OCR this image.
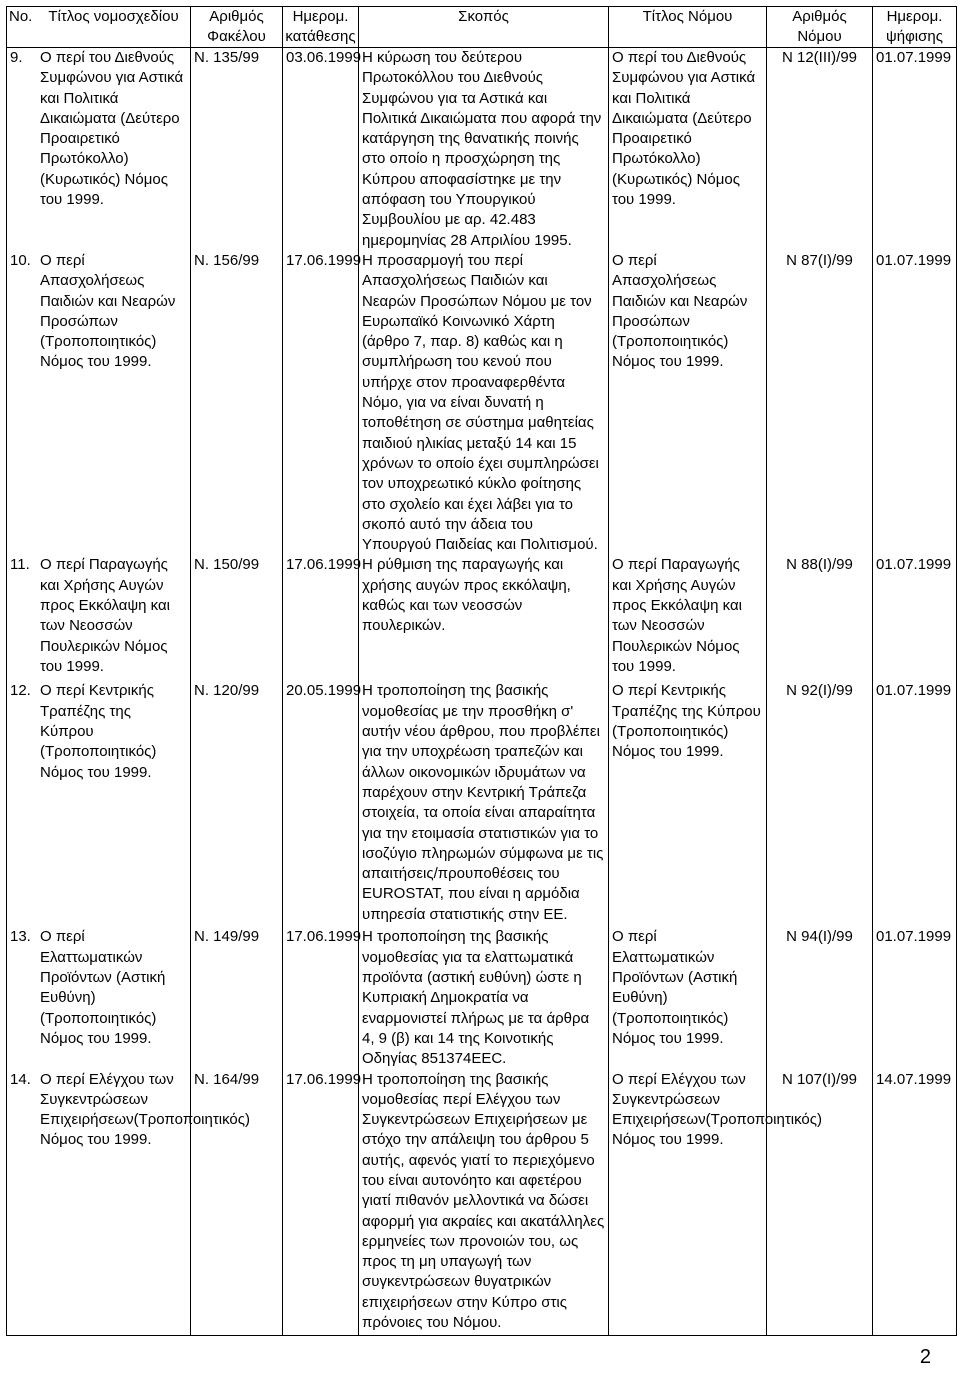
No. Τίτλος νομοσχεδίου	Αριθμός Φακέλου	Ημερομ. κατάθεσης	Σκοπός	Τίτλος Νόμου	Αριθμός Νόμου	Ημερομ. ψήφισης

9. Ο περί του Διεθνούς Συμφώνου για Αστικά και Πολιτικά Δικαιώματα (Δεύτερο Προαιρετικό Πρωτόκολλο) (Κυρωτικός) Νόμος του 1999.	Ν. 135/99	03.06.1999	Η κύρωση του δεύτερου Πρωτοκόλλου του Διεθνούς Συμφώνου για τα Αστικά και Πολιτικά Δικαιώματα που αφορά την κατάργηση της θανατικής ποινής στο οποίο η προσχώρηση της Κύπρου αποφασίστηκε με την απόφαση του Υπουργικού Συμβουλίου με αρ. 42.483 ημερομηνίας 28 Απριλίου 1995.	Ο περί του Διεθνούς Συμφώνου για Αστικά και Πολιτικά Δικαιώματα (Δεύτερο Προαιρετικό Πρωτόκολλο) (Κυρωτικός) Νόμος του 1999.	Ν 12(ΙΙΙ)/99	01.07.1999

10. Ο περί Απασχολήσεως Παιδιών και Νεαρών Προσώπων (Τροποποιητικός) Νόμος του 1999.	Ν. 156/99	17.06.1999	Η προσαρμογή του περί Απασχολήσεως Παιδιών και Νεαρών Προσώπων Νόμου με τον Ευρωπαϊκό Κοινωνικό Χάρτη (άρθρο 7, παρ. 8) καθώς και η συμπλήρωση του κενού που υπήρχε στον προαναφερθέντα Νόμο, για να είναι δυνατή η τοποθέτηση σε σύστημα μαθητείας παιδιού ηλικίας μεταξύ 14 και 15 χρόνων το οποίο έχει συμπληρώσει τον υποχρεωτικό κύκλο φοίτησης στο σχολείο και έχει λάβει για το σκοπό αυτό την άδεια του Υπουργού Παιδείας και Πολιτισμού.	Ο περί Απασχολήσεως Παιδιών και Νεαρών Προσώπων (Τροποποιητικός) Νόμος του 1999.	Ν 87(Ι)/99	01.07.1999

11. Ο περί Παραγωγής και Χρήσης Αυγών προς Εκκόλαψη και των Νεοσσών Πουλερικών Νόμος του 1999.	Ν. 150/99	17.06.1999	Η ρύθμιση της παραγωγής και χρήσης αυγών προς εκκόλαψη, καθώς και των νεοσσών πουλερικών.	Ο περί Παραγωγής και Χρήσης Αυγών προς Εκκόλαψη και των Νεοσσών Πουλερικών Νόμος του 1999.	Ν 88(Ι)/99	01.07.1999

12. Ο περί Κεντρικής Τραπέζης της Κύπρου (Τροποποιητικός) Νόμος του 1999.	Ν. 120/99	20.05.1999	Η τροποποίηση της βασικής νομοθεσίας με την προσθήκη σ' αυτήν νέου άρθρου, που προβλέπει για την υποχρέωση τραπεζών και άλλων οικονομικών ιδρυμάτων να παρέχουν στην Κεντρική Τράπεζα στοιχεία, τα οποία είναι απαραίτητα για την ετοιμασία στατιστικών για το ισοζύγιο πληρωμών σύμφωνα με τις απαιτήσεις/προυποθέσεις του EUROSTAT, που είναι η αρμόδια υπηρεσία στατιστικής στην ΕΕ.	Ο περί Κεντρικής Τραπέζης της Κύπρου (Τροποποιητικός) Νόμος του 1999.	Ν 92(Ι)/99	01.07.1999

13. Ο περί Ελαττωματικών Προϊόντων (Αστική Ευθύνη) (Τροποποιητικός) Νόμος του 1999.	Ν. 149/99	17.06.1999	Η τροποποίηση της βασικής νομοθεσίας για τα ελαττωματικά προϊόντα (αστική ευθύνη) ώστε η Κυπριακή Δημοκρατία να εναρμονιστεί πλήρως με τα άρθρα 4, 9 (β) και 14 της Κοινοτικής Οδηγίας 851374ΕΕC.	Ο περί Ελαττωματικών Προϊόντων (Αστική Ευθύνη) (Τροποποιητικός) Νόμος του 1999.	Ν 94(Ι)/99	01.07.1999

14. Ο περί Ελέγχου των Συγκεντρώσεων Επιχειρήσεων(Τροποποιητικός) Νόμος του 1999.	Ν. 164/99	17.06.1999	Η τροποποίηση της βασικής νομοθεσίας περί Ελέγχου των Συγκεντρώσεων Επιχειρήσεων με στόχο την απάλειψη του άρθρου 5 αυτής, αφενός γιατί το περιεχόμενο του είναι αυτονόητο και αφετέρου γιατί πιθανόν μελλοντικά να δώσει αφορμή για ακραίες και ακατάλληλες ερμηνείες των προνοιών του, ως προς τη μη υπαγωγή των συγκεντρώσεων θυγατρικών επιχειρήσεων στην Κύπρο στις πρόνοιες του Νόμου.	Ο περί Ελέγχου των Συγκεντρώσεων Επιχειρήσεων(Τροποποιητικός) Νόμος του 1999.	Ν 107(Ι)/99	14.07.1999
2
